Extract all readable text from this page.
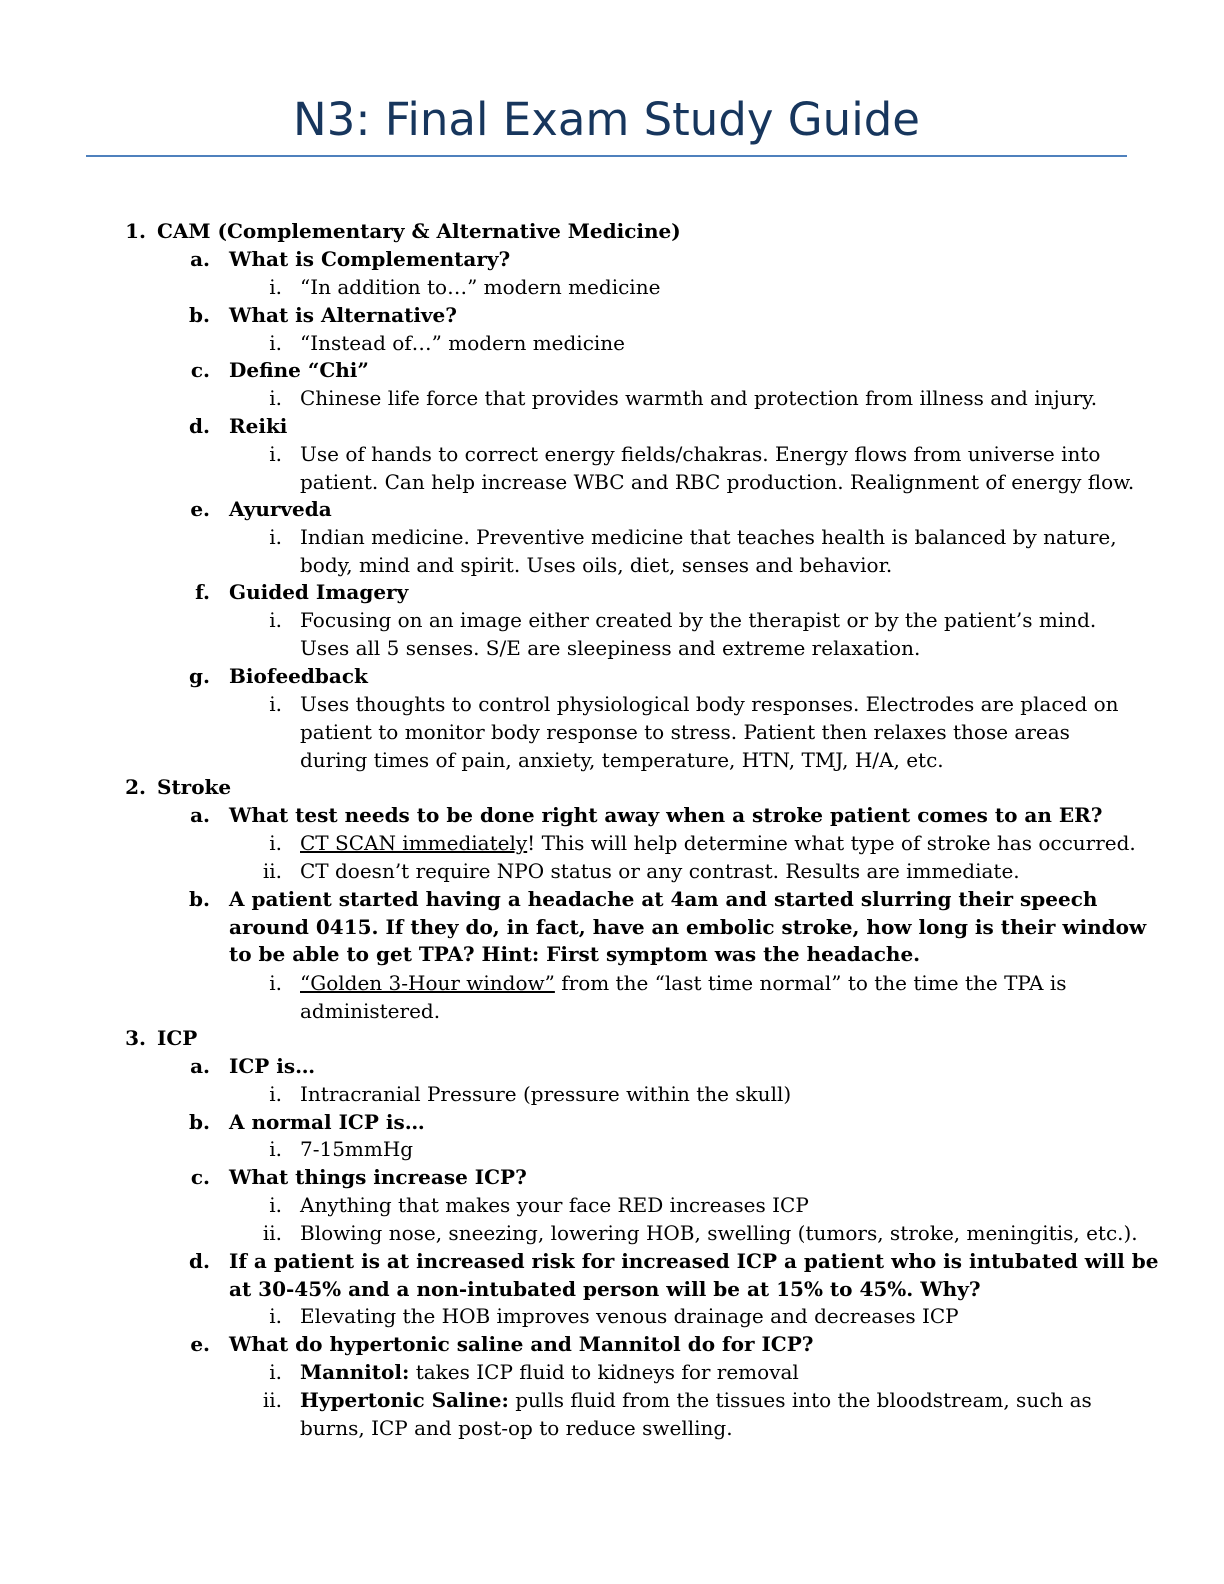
N3: Final Exam Study Guide
1. CAM (Complementary & Alternative Medicine)
a. What is Complementary?
i. “In addition to…” modern medicine
b. What is Alternative?
i. “Instead of…” modern medicine
c. Define “Chi”
i. Chinese life force that provides warmth and protection from illness and injury.
d. Reiki
i. Use of hands to correct energy fields/chakras. Energy flows from universe into
patient. Can help increase WBC and RBC production. Realignment of energy flow.
e. Ayurveda
i. Indian medicine. Preventive medicine that teaches health is balanced by nature,
body, mind and spirit. Uses oils, diet, senses and behavior.
f. Guided Imagery
i. Focusing on an image either created by the therapist or by the patient’s mind.
Uses all 5 senses. S/E are sleepiness and extreme relaxation.
g. Biofeedback
i. Uses thoughts to control physiological body responses. Electrodes are placed on
patient to monitor body response to stress. Patient then relaxes those areas
during times of pain, anxiety, temperature, HTN, TMJ, H/A, etc.
2. Stroke
a. What test needs to be done right away when a stroke patient comes to an ER?
i. CT SCAN immediately! This will help determine what type of stroke has occurred.
ii. CT doesn’t require NPO status or any contrast. Results are immediate.
b. A patient started having a headache at 4am and started slurring their speech
around 0415. If they do, in fact, have an embolic stroke, how long is their window
to be able to get TPA? Hint: First symptom was the headache.
i. “Golden 3-Hour window” from the “last time normal” to the time the TPA is
administered.
3. ICP
a. ICP is…
i. Intracranial Pressure (pressure within the skull)
b. A normal ICP is…
i. 7-15mmHg
c. What things increase ICP?
i. Anything that makes your face RED increases ICP
ii. Blowing nose, sneezing, lowering HOB, swelling (tumors, stroke, meningitis, etc.).
d. If a patient is at increased risk for increased ICP a patient who is intubated will be
at 30-45% and a non-intubated person will be at 15% to 45%. Why?
i. Elevating the HOB improves venous drainage and decreases ICP
e. What do hypertonic saline and Mannitol do for ICP?
i. Mannitol: takes ICP fluid to kidneys for removal
ii. Hypertonic Saline: pulls fluid from the tissues into the bloodstream, such as
burns, ICP and post-op to reduce swelling.
